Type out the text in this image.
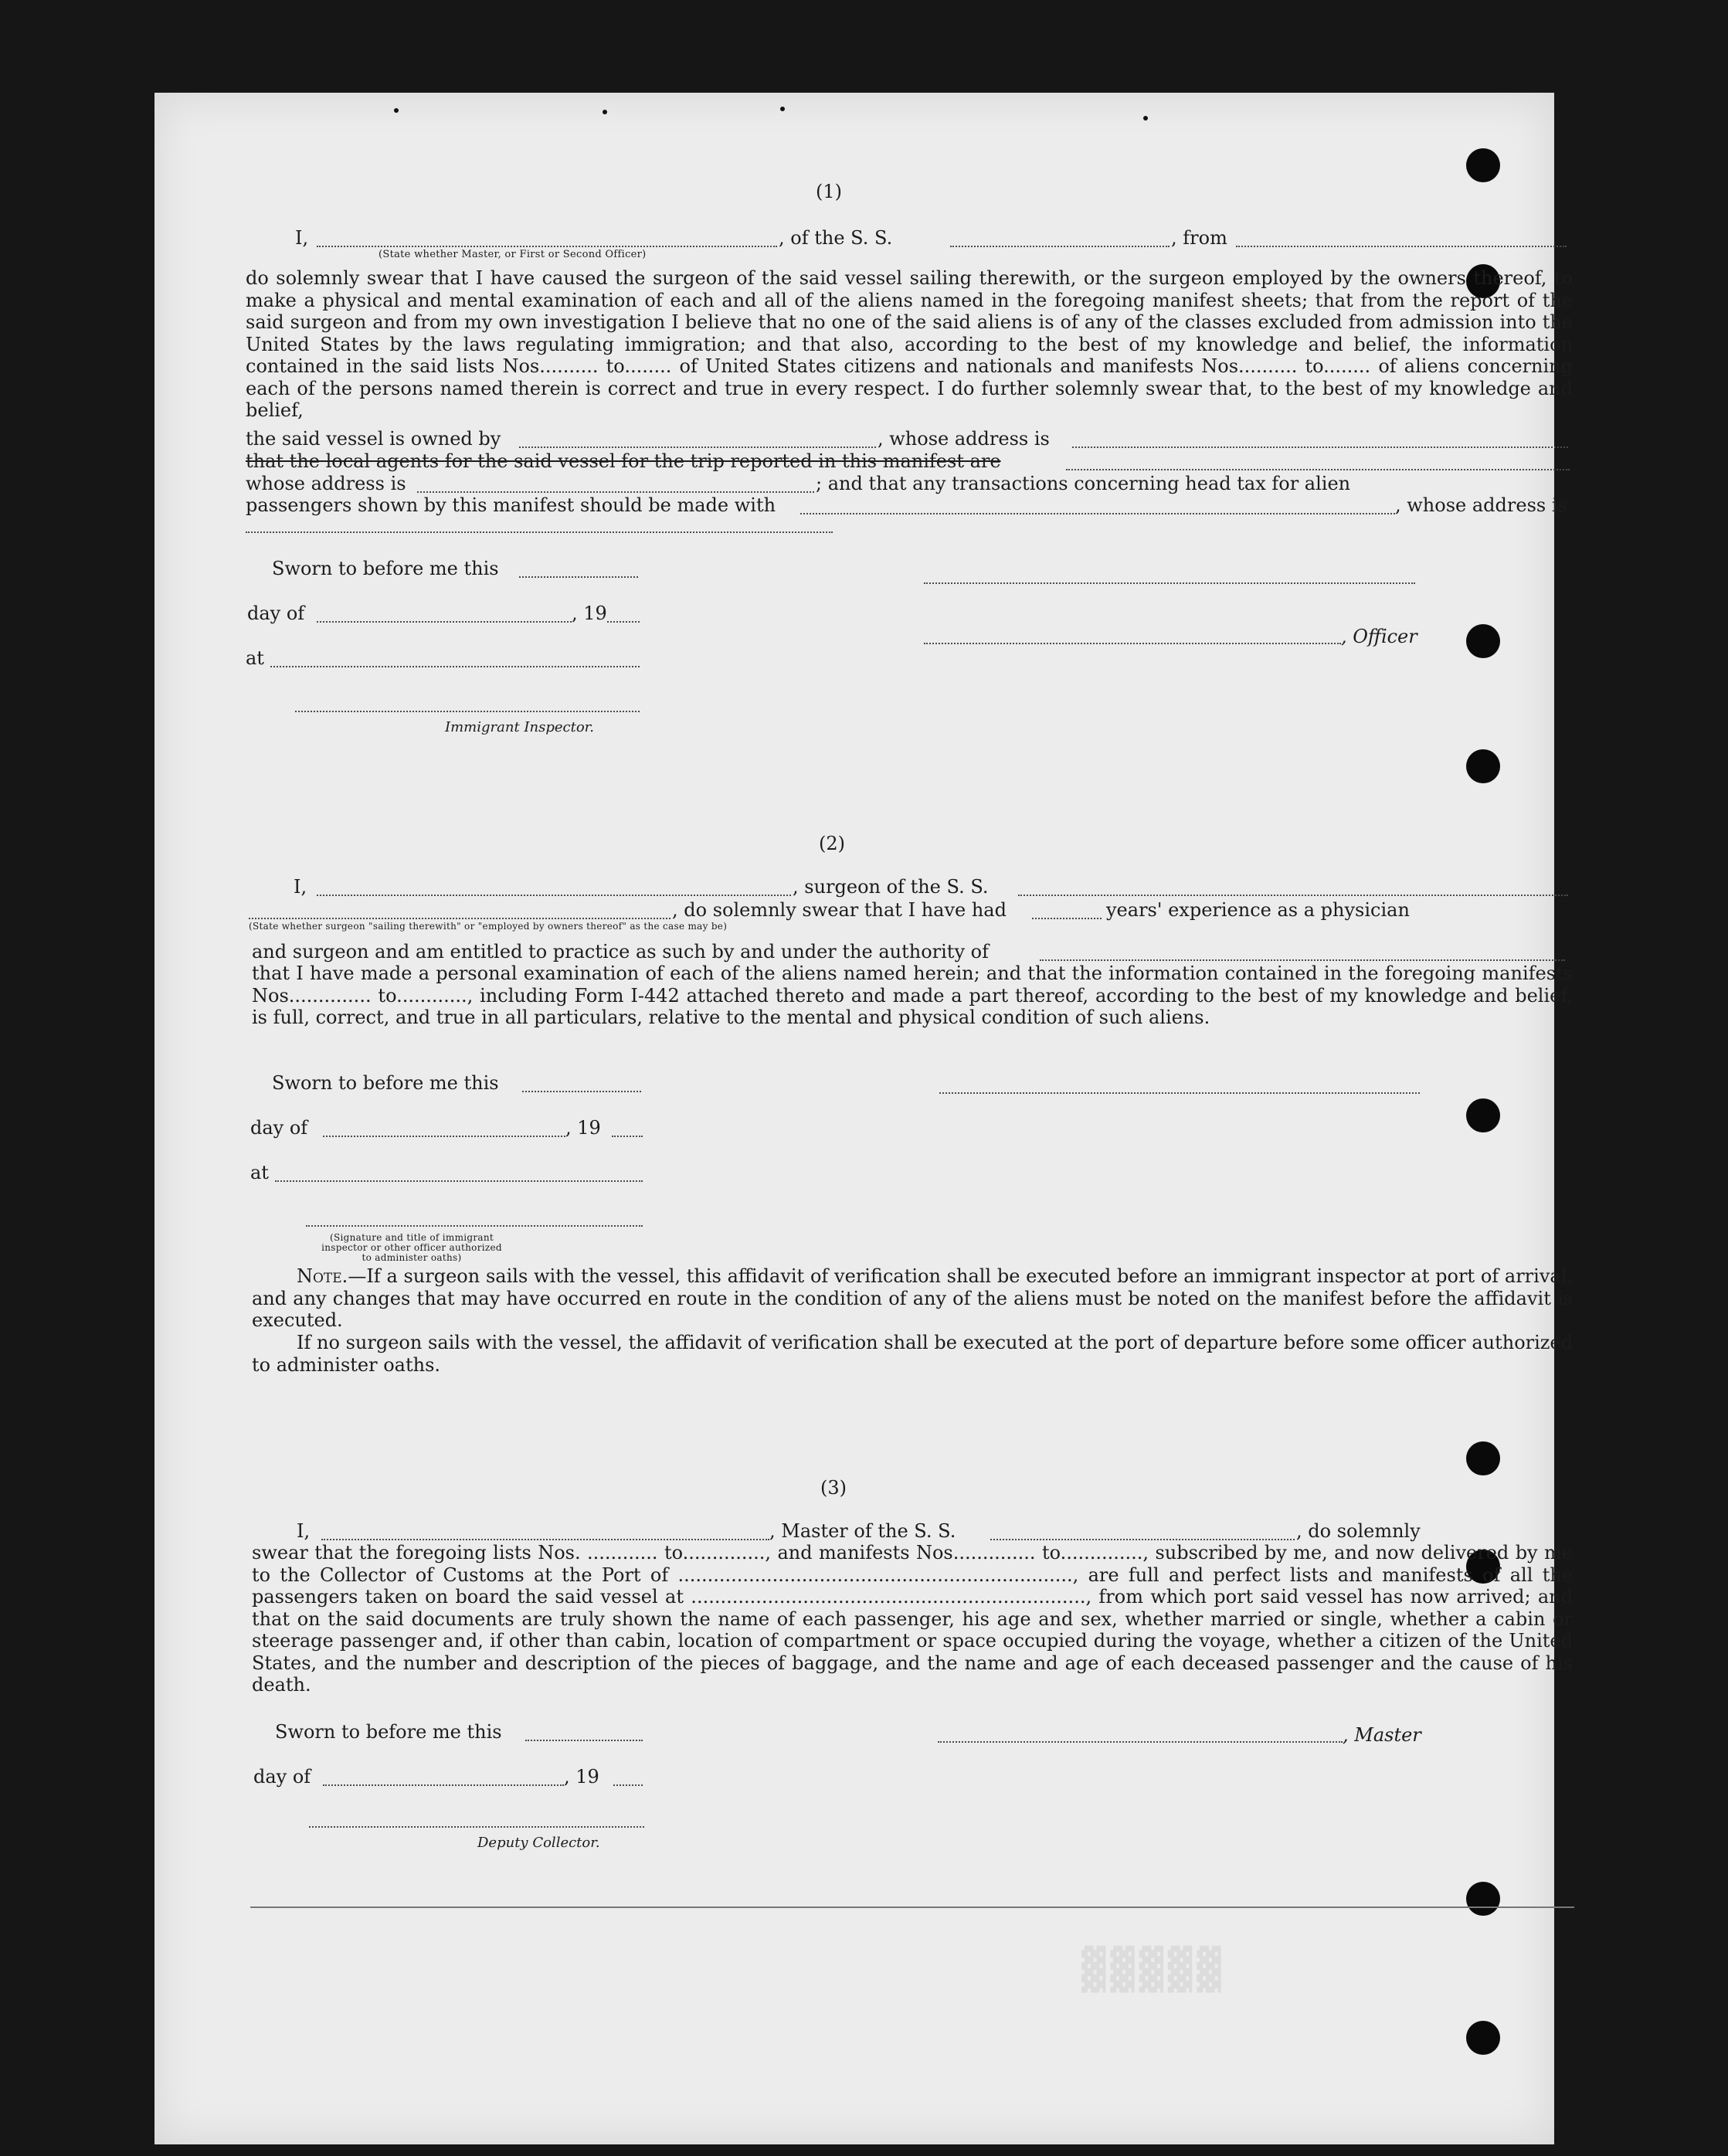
▓▓▓▓▓
(1)
I,	, of the S. S.	, from
(State whether Master, or First or Second Officer)
do solemnly swear that I have caused the surgeon of the said vessel sailing therewith, or the surgeon employed by the owners thereof, to make a physical and mental examination of each and all of the aliens named in the foregoing manifest sheets; that from the report of the said surgeon and from my own investigation I believe that no one of the said aliens is of any of the classes excluded from admission into the United States by the laws regulating immigration; and that also, according to the best of my knowledge and belief, the information contained in the said lists Nos.......... to........ of United States citizens and nationals and manifests Nos.......... to........ of aliens concerning each of the persons named therein is correct and true in every respect. I do further solemnly swear that, to the best of my knowledge and belief,
the said vessel is owned by	, whose address is
that the local agents for the said vessel for the trip reported in this manifest are
whose address is	; and that any transactions concerning head tax for alien
passengers shown by this manifest should be made with	, whose address is
Sworn to before me this
day of	, 19
, Officer
at
Immigrant Inspector.
(2)
I,	, surgeon of the S. S.
, do solemnly swear that I have had	years' experience as a physician
(State whether surgeon "sailing therewith" or "employed by owners thereof" as the case may be)
and surgeon and am entitled to practice as such by and under the authority of
that I have made a personal examination of each of the aliens named herein; and that the information contained in the foregoing manifests Nos.............. to............, including Form I-442 attached thereto and made a part thereof, according to the best of my knowledge and belief, is full, correct, and true in all particulars, relative to the mental and physical condition of such aliens.
Sworn to before me this
day of	, 19
at
(Signature and title of immigrant inspector or other officer authorized to administer oaths)
Note.—If a surgeon sails with the vessel, this affidavit of verification shall be executed before an immigrant inspector at port of arrival, and any changes that may have occurred en route in the condition of any of the aliens must be noted on the manifest before the affidavit is executed.
If no surgeon sails with the vessel, the affidavit of verification shall be executed at the port of departure before some officer authorized to administer oaths.
(3)
I,	, Master of the S. S.	, do solemnly
swear that the foregoing lists Nos. ............ to.............., and manifests Nos.............. to.............., subscribed by me, and now delivered by me to the Collector of Customs at the Port of ..................................................................., are full and perfect lists and manifests of all the passengers taken on board the said vessel at ..................................................................., from which port said vessel has now arrived; and that on the said documents are truly shown the name of each passenger, his age and sex, whether married or single, whether a cabin or steerage passenger and, if other than cabin, location of compartment or space occupied during the voyage, whether a citizen of the United States, and the number and description of the pieces of baggage, and the name and age of each deceased passenger and the cause of his death.
Sworn to before me this	, Master
day of	, 19
Deputy Collector.
